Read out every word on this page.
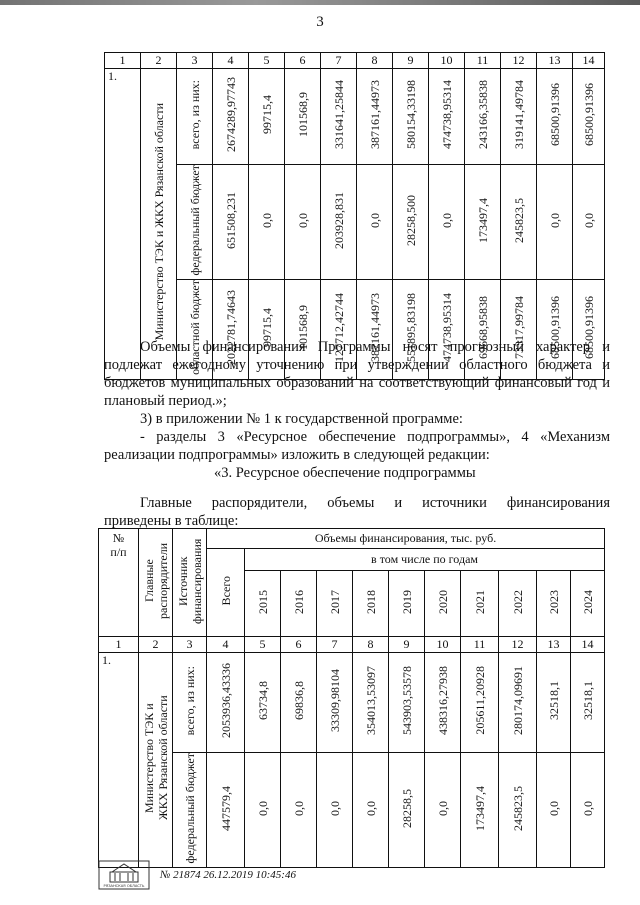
3
1	2	3	4	5	6	7	8	9	10	11	12	13	14
1.	Министерство ТЭК и ЖКХ Рязанской области	всего, из них:	2674289,97743	99715,4	101568,9	331641,25844	387161,44973	580154,33198	474738,95314	243166,35838	319141,49784	68500,91396	68500,91396
		федеральный бюджет	651508,231	0,0	0,0	203928,831	0,0	28258,500	0,0	173497,4	245823,5	0,0	0,0
		областной бюджет	2022781,74643	99715,4	101568,9	127712,42744	387161,44973	551895,83198	474738,95314	69668,95838	73317,99784	68500,91396	68500,91396
Объемы финансирования Программы носят прогнозный характер и подлежат ежегодному уточнению при утверждении областного бюджета и бюджетов муниципальных образований на соответствующий финансовый год и плановый период.»;
3) в приложении № 1 к государственной программе:
- разделы 3 «Ресурсное обеспечение подпрограммы», 4 «Механизм реализации подпрограммы» изложить в следующей редакции:
«3. Ресурсное обеспечение подпрограммы
Главные распорядители, объемы и источники финансирования
приведены в таблице:
№
п/п	Главные распорядители	Источник финансирования	Объемы финансирования, тыс. руб.										
			Всего	в том числе по годам									
				2015	2016	2017	2018	2019	2020	2021	2022	2023	2024
1	2	3	4	5	6	7	8	9	10	11	12	13	14
1.	Министерство ТЭК и ЖКХ Рязанской области	всего, из них:	2053936,43336	63734,8	69836,8	33309,98104	354013,53097	543903,53578	438316,27938	205611,20928	280174,09691	32518,1	32518,1
		федеральный бюджет	447579,4	0,0	0,0	0,0	0,0	28258,5	0,0	173497,4	245823,5	0,0	0,0
РЯЗАНСКАЯ ОБЛАСТЬ
№ 21874 26.12.2019 10:45:46
